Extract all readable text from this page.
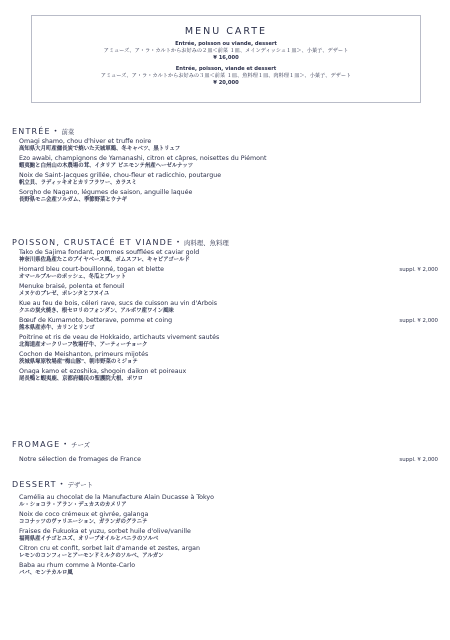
MENU CARTE
Entrée, poisson ou viande, dessert
アミューズ、ア・ラ・カルトからお好みの２皿＜前菜 １皿、メインディッシュ１皿＞、小菓子、デザート
¥ 16,000
Entrée, poisson, viande et dessert
アミューズ、ア・ラ・カルトからお好みの３皿＜前菜 １皿、魚料理１皿、肉料理１皿＞、小菓子、デザート
¥ 20,000
ENTRÉE • 前菜
Omagi shamo, chou d'hiver et truffe noire
高知県大月町産傭長炭で焼いた天城軍鶏、冬キャベツ、黒トリュフ
Ezo awabi, champignons de Yamanashi, citron et câpres, noisettes du Piémont
蝦夷鮑と白州山の木農場の茸、イタリア ピエモンテ州産ヘーゼルナッツ
Noix de Saint-Jacques grillée, chou-fleur et radicchio, poutargue
帆立貝、ラディッキオとカリフラワー、カラスミ
Sorgho de Nagano, légumes de saison, anguille laquée
長野県モニ会産ソルガム、季節野菜とウナギ
POISSON, CRUSTACÉ ET VIANDE • 肉料理、魚料理
Tako de Sajima fondant, pommes soufflées et caviar gold
神奈川県佐島産たこのブイヤベース風、ポムスフレ、キャビアゴールド
Homard bleu court-bouillonné, togan et blette
オマールブルーのポッシェ、冬瓜とブレット
suppl. ¥ 2,000
Menuke braisé, polenta et fenouil
メヌケのブレゼ、ポレンタとフヌイユ
Kue au feu de bois, céleri rave, sucs de cuisson au vin d'Arbois
クエの炭火焼き、根セロリのフォンダン、アルボワ産ワイン風味
Bœuf de Kumamoto, betterave, pomme et coing
熊本県産赤牛、カリンとリンゴ
suppl. ¥ 2,000
Poitrine et ris de veau de Hokkaido, artichauts vivement sautés
北海道産オークリーフ牧場仔牛、アーティーチョーク
Cochon de Meishanton, primeurs mijotés
茨城県塚原牧場産"梅山豚"、朝市野菜のミジョテ
Onaga kamo et ezoshika, shogoin daikon et poireaux
尾長鴨と蝦夷鹿、京都府鶴民の聖護院大根、ポワロ
FROMAGE • チーズ
Notre sélection de fromages de France	suppl. ¥ 2,000
DESSERT • デザート
Camélia au chocolat de la Manufacture Alain Ducasse à Tokyo
ル・ショコラ・アラン・デュカスのカメリア
Noix de coco crémeux et givrée, galanga
ココナッツのヴァリエーション、ガランガのグラニテ
Fraises de Fukuoka et yuzu, sorbet huile d'olive/vanille
福岡県産イチゴとユズ、オリーブオイルとバニラのソルベ
Citron cru et confit, sorbet lait d'amande et zestes, argan
レモンのコンフィーとアーモンドミルクのソルベ、アルガン
Baba au rhum comme à Monte-Carlo
ババ、モンテカルロ風
